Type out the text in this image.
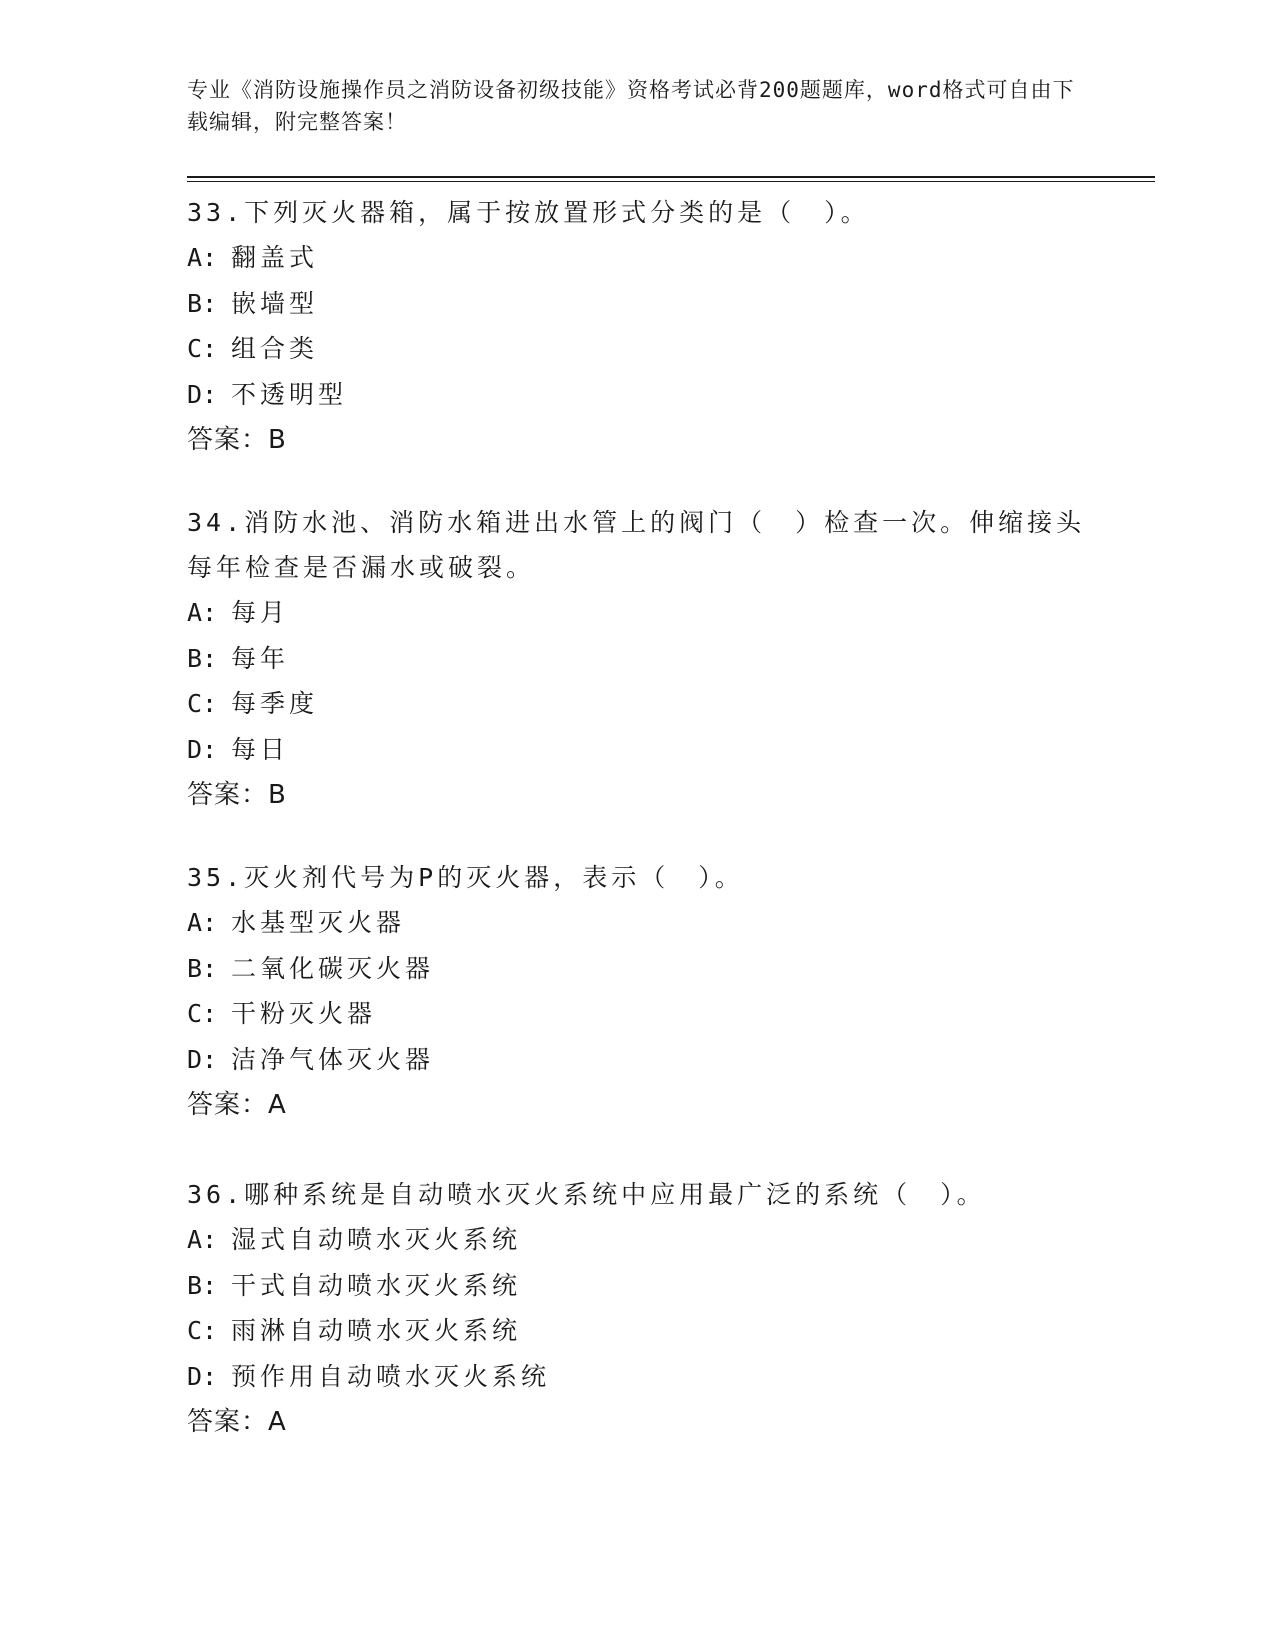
专业《消防设施操作员之消防设备初级技能》资格考试必背200题题库，word格式可自由下载编辑，附完整答案！

33.下列灭火器箱，属于按放置形式分类的是（　）。

A: 翻盖式

B: 嵌墙型

C: 组合类

D: 不透明型

答案：B

34.消防水池、消防水箱进出水管上的阀门（　）检查一次。伸缩接头每年检查是否漏水或破裂。

A: 每月

B: 每年

C: 每季度

D: 每日

答案：B

35.灭火剂代号为P的灭火器，表示（　）。

A: 水基型灭火器

B: 二氧化碳灭火器

C: 干粉灭火器

D: 洁净气体灭火器

答案：A

36.哪种系统是自动喷水灭火系统中应用最广泛的系统（　）。

A: 湿式自动喷水灭火系统

B: 干式自动喷水灭火系统

C: 雨淋自动喷水灭火系统

D: 预作用自动喷水灭火系统

答案：A
